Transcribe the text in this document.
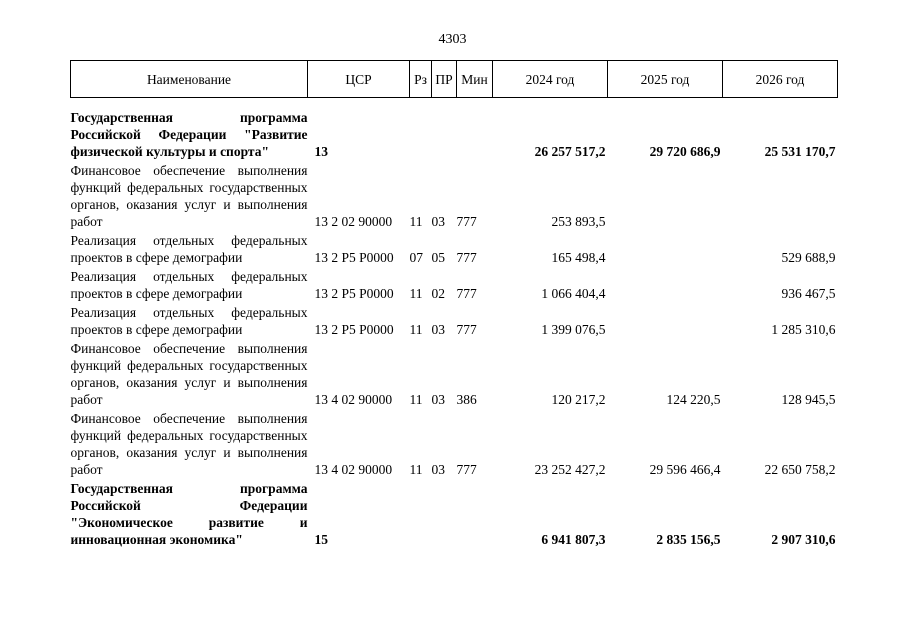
4303
Наименование	ЦСР	Рз	ПР	Мин	2024 год	2025 год	2026 год

Государственная программа Российской Федерации "Развитие физической культуры и спорта"	13				26 257 517,2	29 720 686,9	25 531 170,7

Финансовое обеспечение выполнения функций федеральных государственных органов, оказания услуг и выполнения работ	13 2 02 90000	11	03	777	253 893,5		

Реализация отдельных федеральных проектов в сфере демографии	13 2 Р5 Р0000	07	05	777	165 498,4		529 688,9

Реализация отдельных федеральных проектов в сфере демографии	13 2 Р5 Р0000	11	02	777	1 066 404,4		936 467,5

Реализация отдельных федеральных проектов в сфере демографии	13 2 Р5 Р0000	11	03	777	1 399 076,5		1 285 310,6

Финансовое обеспечение выполнения функций федеральных государственных органов, оказания услуг и выполнения работ	13 4 02 90000	11	03	386	120 217,2	124 220,5	128 945,5

Финансовое обеспечение выполнения функций федеральных государственных органов, оказания услуг и выполнения работ	13 4 02 90000	11	03	777	23 252 427,2	29 596 466,4	22 650 758,2

Государственная программа Российской Федерации "Экономическое развитие и инновационная экономика"	15				6 941 807,3	2 835 156,5	2 907 310,6
